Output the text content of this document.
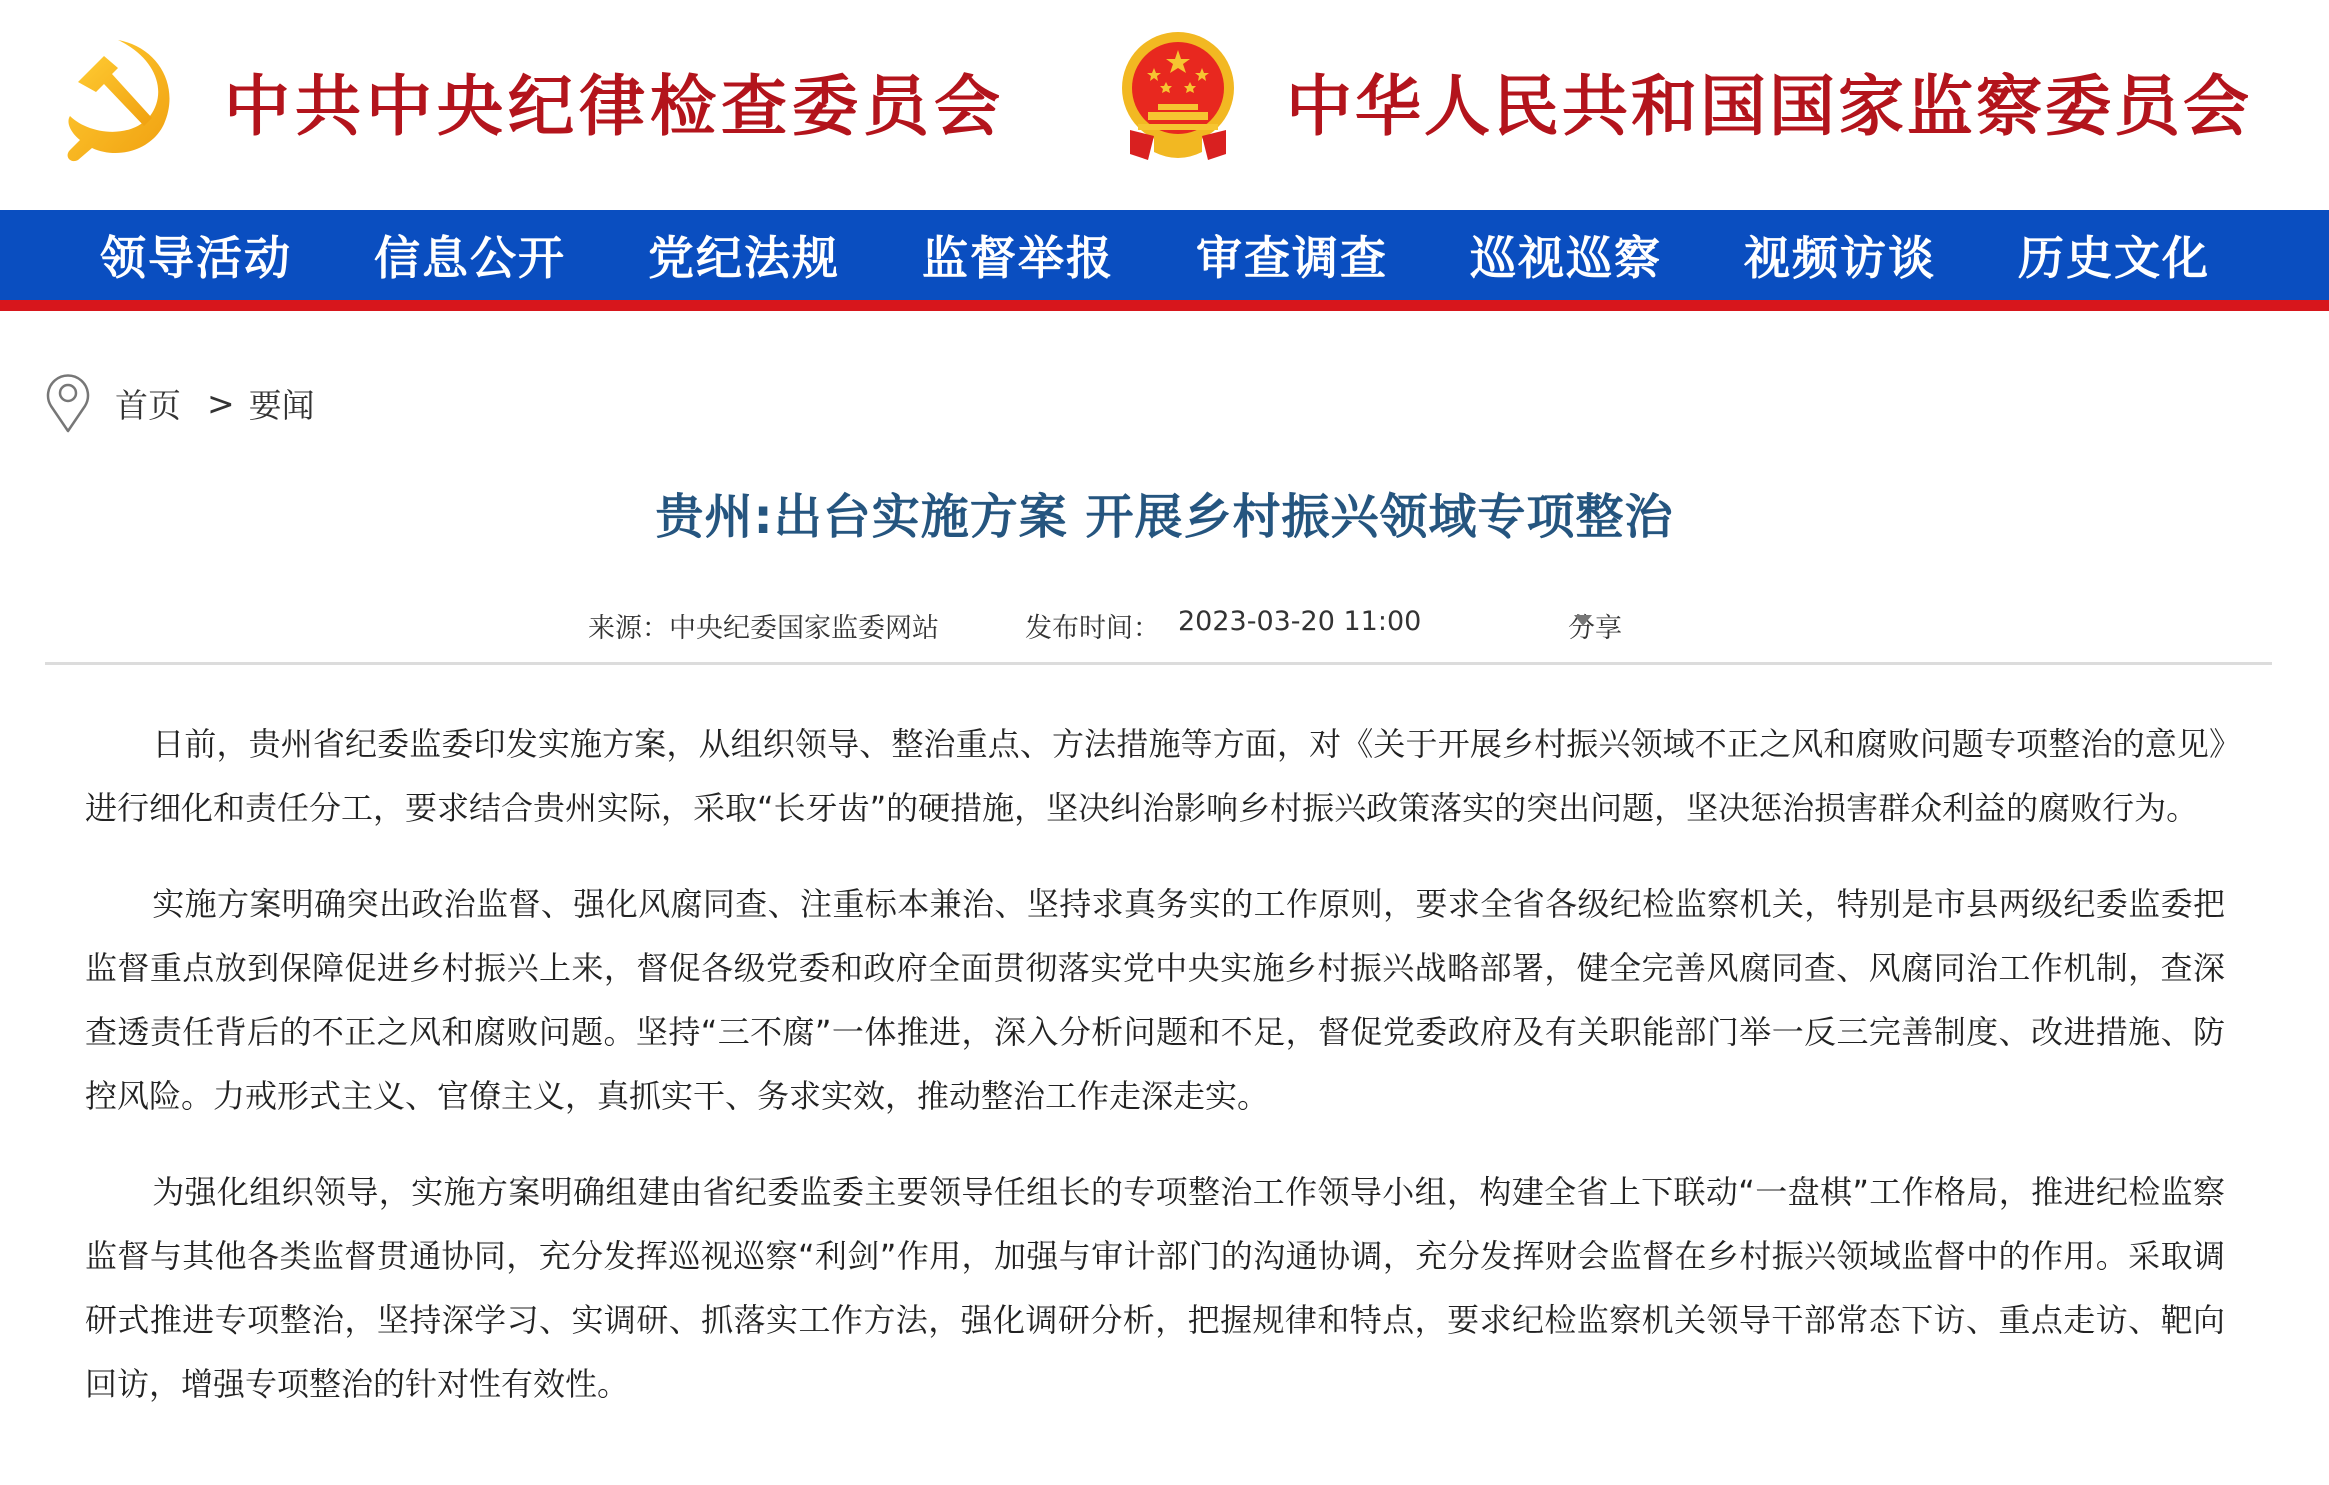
中共中央纪律检查委员会	中华人民共和国国家监察委员会
领导活动	信息公开	党纪法规	监督举报	审查调查	巡视巡察	视频访谈	历史文化
首页 > 要闻
贵州:出台实施方案 开展乡村振兴领域专项整治
来源：中央纪委国家监委网站	发布时间： 2023-03-20 11:00	分享

日前，贵州省纪委监委印发实施方案，从组织领导、整治重点、方法措施等方面，对《关于开展乡村振兴领域不正之风和腐败问题专项整治的意见》进行细化和责任分工，要求结合贵州实际，采取“长牙齿”的硬措施，坚决纠治影响乡村振兴政策落实的突出问题，坚决惩治损害群众利益的腐败行为。

实施方案明确突出政治监督、强化风腐同查、注重标本兼治、坚持求真务实的工作原则，要求全省各级纪检监察机关，特别是市县两级纪委监委把监督重点放到保障促进乡村振兴上来，督促各级党委和政府全面贯彻落实党中央实施乡村振兴战略部署，健全完善风腐同查、风腐同治工作机制，查深查透责任背后的不正之风和腐败问题。坚持“三不腐”一体推进，深入分析问题和不足，督促党委政府及有关职能部门举一反三完善制度、改进措施、防控风险。力戒形式主义、官僚主义，真抓实干、务求实效，推动整治工作走深走实。

为强化组织领导，实施方案明确组建由省纪委监委主要领导任组长的专项整治工作领导小组，构建全省上下联动“一盘棋”工作格局，推进纪检监察监督与其他各类监督贯通协同，充分发挥巡视巡察“利剑”作用，加强与审计部门的沟通协调，充分发挥财会监督在乡村振兴领域监督中的作用。采取调研式推进专项整治，坚持深学习、实调研、抓落实工作方法，强化调研分析，把握规律和特点，要求纪检监察机关领导干部常态下访、重点走访、靶向回访，增强专项整治的针对性有效性。
